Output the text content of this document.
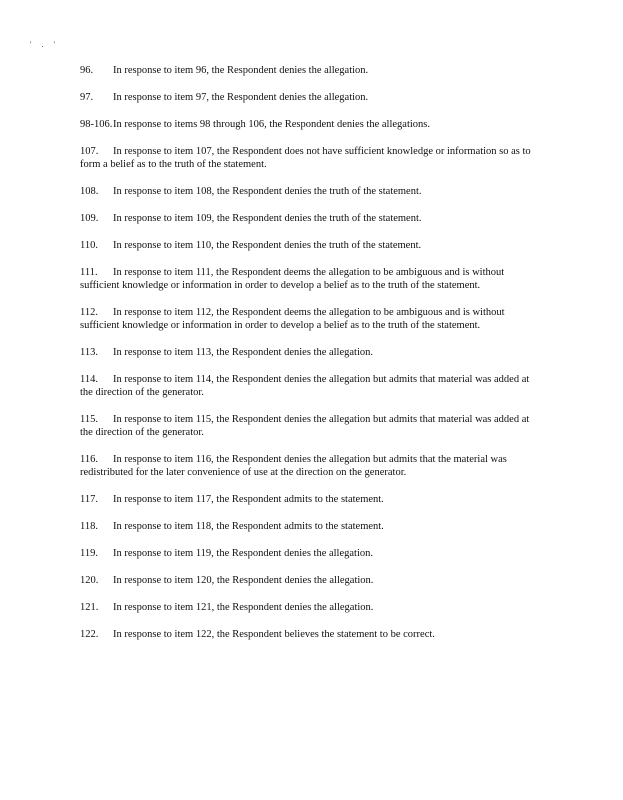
' . '

96. In response to item 96, the Respondent denies the allegation.

97. In response to item 97, the Respondent denies the allegation.

98-106. In response to items 98 through 106, the Respondent denies the allegations.

107. In response to item 107, the Respondent does not have sufficient knowledge or information so as to form a belief as to the truth of the statement.

108. In response to item 108, the Respondent denies the truth of the statement.

109. In response to item 109, the Respondent denies the truth of the statement.

110. In response to item 110, the Respondent denies the truth of the statement.

111. In response to item 111, the Respondent deems the allegation to be ambiguous and is without sufficient knowledge or information in order to develop a belief as to the truth of the statement.

112. In response to item 112, the Respondent deems the allegation to be ambiguous and is without sufficient knowledge or information in order to develop a belief as to the truth of the statement.

113. In response to item 113, the Respondent denies the allegation.

114. In response to item 114, the Respondent denies the allegation but admits that material was added at the direction of the generator.

115. In response to item 115, the Respondent denies the allegation but admits that material was added at the direction of the generator.

116. In response to item 116, the Respondent denies the allegation but admits that the material was redistributed for the later convenience of use at the direction on the generator.

117. In response to item 117, the Respondent admits to the statement.

118. In response to item 118, the Respondent admits to the statement.

119. In response to item 119, the Respondent denies the allegation.

120. In response to item 120, the Respondent denies the allegation.

121. In response to item 121, the Respondent denies the allegation.

122. In response to item 122, the Respondent believes the statement to be correct.
